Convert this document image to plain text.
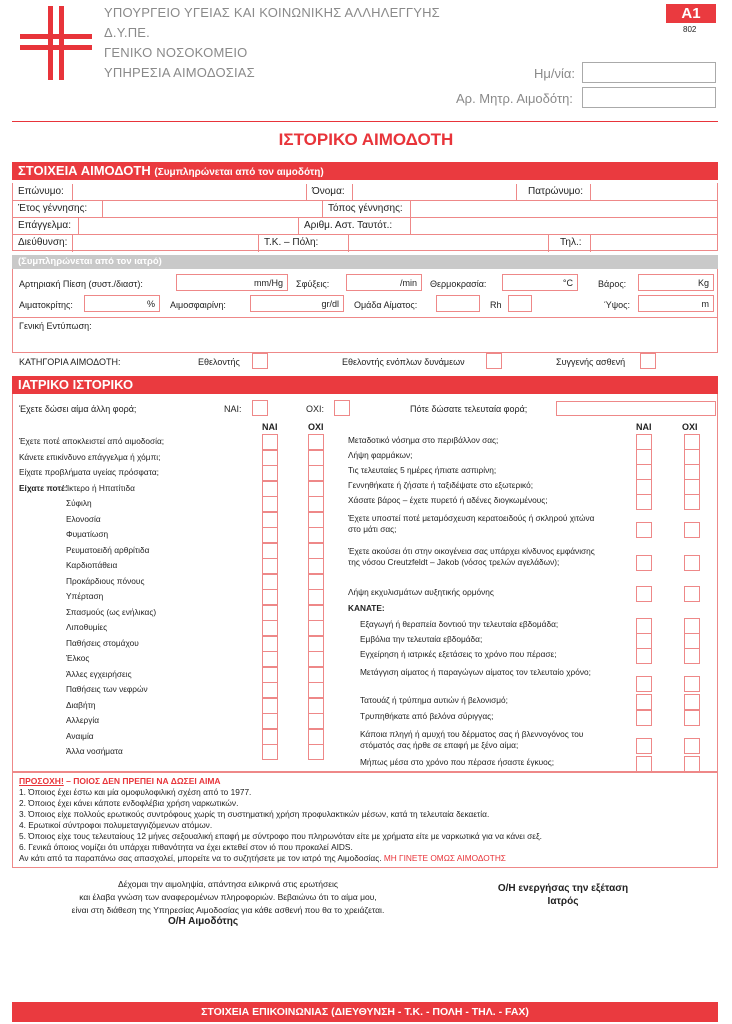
ΥΠΟΥΡΓΕΙΟ ΥΓΕΙΑΣ ΚΑΙ ΚΟΙΝΩΝΙΚΗΣ ΑΛΛΗΛΕΓΓΥΗΣ
Δ.Υ.ΠΕ.
ΓΕΝΙΚΟ ΝΟΣΟΚΟΜΕΙΟ
ΥΠΗΡΕΣΙΑ ΑΙΜΟΔΟΣΙΑΣ
A1
802
Ημ/νία:
Αρ. Μητρ. Αιμοδότη:
ΙΣΤΟΡΙΚΟ ΑΙΜΟΔΟΤΗ
ΣΤΟΙΧΕΙΑ ΑΙΜΟΔΟΤΗ (Συμπληρώνεται από τον αιμοδότη)
Επώνυμο:	Όνομα:	Πατρώνυμο:
Έτος γέννησης:	Τόπος γέννησης:
Επάγγελμα:	Αριθμ. Αστ. Ταυτότ.:
Διεύθυνση:	Τ.Κ. – Πόλη:	Τηλ.:
(Συμπληρώνεται από τον ιατρό)
Αρτηριακή Πίεση (συστ./διαστ):	mm/Hg Σφύξεις:	/min Θερμοκρασία:	°C	Βάρος:	Kg
Αιματοκρίτης:	% Αιμοσφαιρίνη:	gr/dl Ομάδα Αίματος:	Rh	Ύψος:	m
Γενική Εντύπωση:
ΚΑΤΗΓΟΡΙΑ ΑΙΜΟΔΟΤΗ:	Εθελοντής	Εθελοντής ενόπλων δυνάμεων	Συγγενής ασθενή
ΙΑΤΡΙΚΟ ΙΣΤΟΡΙΚΟ
Έχετε δώσει αίμα άλλη φορά;	ΝΑΙ:	ΟΧΙ:	Πότε δώσατε τελευταία φορά;
ΝΑΙ	ΟΧΙ	ΝΑΙ	ΟΧΙ
ΠΡΟΣΟΧΗ! – ΠΟΙΟΣ ΔΕΝ ΠΡΕΠΕΙ ΝΑ ΔΩΣΕΙ ΑΙΜΑ
Αν κάτι από τα παραπάνω σας απασχολεί, μπορείτε να το συζητήσετε με τον ιατρό της Αιμοδοσίας. ΜΗ ΓΙΝΕΤΕ ΟΜΩΣ ΑΙΜΟΔΟΤΗΣ
Δέχομαι την αιμοληψία, απάντησα ειλικρινά στις ερωτήσεις
και έλαβα γνώση των αναφερομένων πληροφοριών. Βεβαιώνω ότι το αίμα μου,
είναι στη διάθεση της Υπηρεσίας Αιμοδοσίας για κάθε ασθενή που θα το χρειάζεται.
Ο/Η Αιμοδότης
Ο/Η ενεργήσας την εξέταση
Ιατρός
ΣΤΟΙΧΕΙΑ ΕΠΙΚΟΙΝΩΝΙΑΣ (ΔΙΕΥΘΥΝΣΗ - Τ.Κ. - ΠΟΛΗ - ΤΗΛ. - FAX)
Έχετε ποτέ αποκλειστεί από αιμοδοσία;
Κάνετε επικίνδυνο επάγγελμα ή χόμπι;
Είχατε προβλήματα υγείας πρόσφατα;
Είχατε ποτέ:
Ίκτερο ή Ηπατίτιδα
Σύφιλη
Ελονοσία
Φυματίωση
Ρευματοειδή αρθρίτιδα
Καρδιοπάθεια
Προκάρδιους πόνους
Υπέρταση
Σπασμούς (ως ενήλικας)
Λιποθυμίες
Παθήσεις στομάχου
Έλκος
Άλλες εγχειρήσεις
Παθήσεις των νεφρών
Διαβήτη
Αλλεργία
Αναιμία
Άλλα νοσήματα
Μεταδοτικό νόσημα στο περιβάλλον σας;
Λήψη φαρμάκων;
Τις τελευταίες 5 ημέρες ήπιατε ασπιρίνη;
Γεννηθήκατε ή ζήσατε ή ταξιδέψατε στο εξωτερικό;
Χάσατε βάρος – έχετε πυρετό ή αδένες διογκωμένους;
Έχετε υποστεί ποτέ μεταμόσχευση κερατοειδούς ή σκληρού χιτώνα στο μάτι σας;
Έχετε ακούσει ότι στην οικογένεια σας υπάρχει κίνδυνος εμφάνισης της νόσου Creutzfeldt – Jakob (νόσος τρελών αγελάδων);
Λήψη εκχυλισμάτων αυξητικής ορμόνης
ΚΑΝΑΤΕ:
Εξαγωγή ή θεραπεία δοντιού την τελευταία εβδομάδα;
Εμβόλια την τελευταία εβδομάδα;
Εγχείρηση ή ιατρικές εξετάσεις το χρόνο που πέρασε;
Μετάγγιση αίματος ή παραγώγων αίματος τον τελευταίο χρόνο;
Τατουάζ ή τρύπημα αυτιών ή βελονισμό;
Τρυπηθήκατε από βελόνα σύριγγας;
Κάποια πληγή ή αμυχή του δέρματος σας ή βλεννογόνος του στόματός σας ήρθε σε επαφή με ξένο αίμα;
Μήπως μέσα στο χρόνο που πέρασε ήσαστε έγκυος;
1. Όποιος έχει έστω και μία ομοφυλοφιλική σχέση από το 1977.
2. Όποιος έχει κάνει κάποτε ενδοφλέβια χρήση ναρκωτικών.
3. Όποιος είχε πολλούς ερωτικούς συντρόφους χωρίς τη συστηματική χρήση προφυλακτικών μέσων, κατά τη τελευταία δεκαετία.
4. Ερωτικοί σύντροφοι πολυμεταγγιζόμενων ατόμων.
5. Όποιος είχε τους τελευταίους 12 μήνες σεξουαλική επαφή με σύντροφο που πληρωνόταν είτε με χρήματα είτε με ναρκωτικά για να κάνει σεξ.
6. Γενικά όποιος νομίζει ότι υπάρχει πιθανότητα να έχει εκτεθεί στον ιό που προκαλεί AIDS.
